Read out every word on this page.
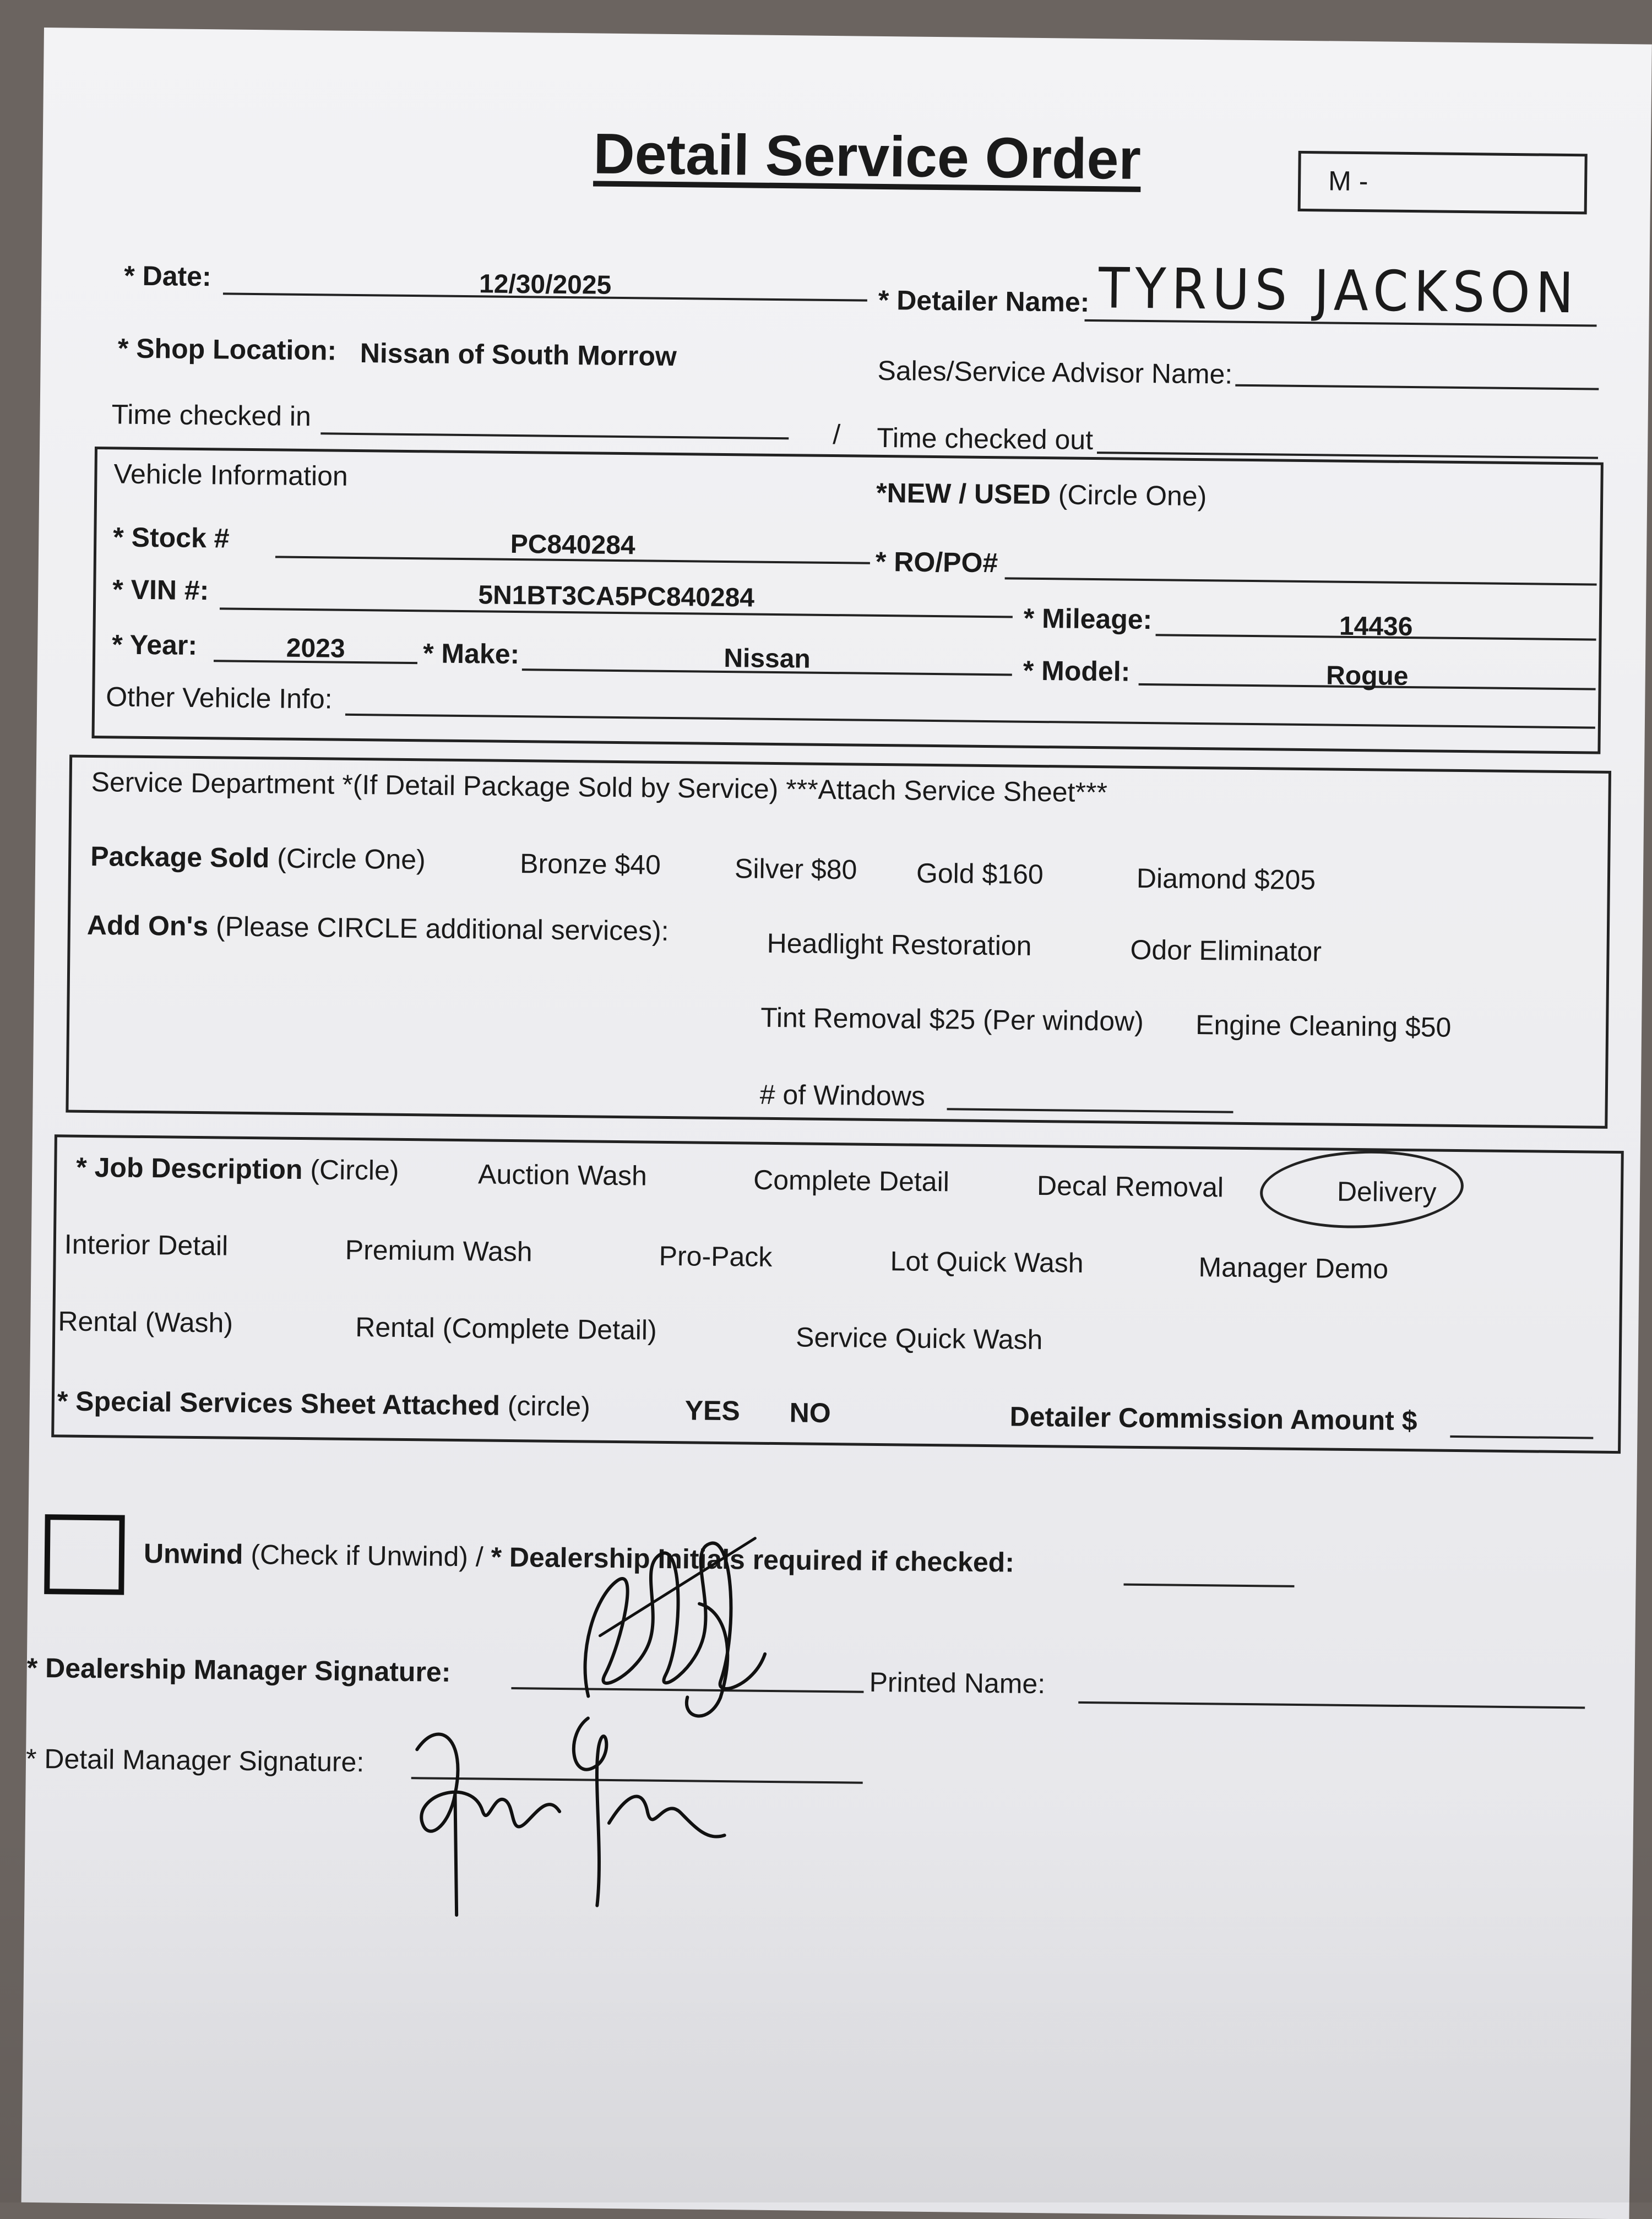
Detail Service Order	M -
* Date:	12/30/2025	* Detailer Name: TYRUS JACKSON
* Shop Location: Nissan of South Morrow
Sales/Service Advisor Name:
Time checked in
/ Time checked out
Vehicle Information
*NEW / USED (Circle One)
* Stock #	PC840284
* RO/PO#
* VIN #:	5N1BT3CA5PC840284
* Mileage:	14436
* Year:	2023	* Make:	Nissan	* Model:	Rogue
Other Vehicle Info:
Service Department *(If Detail Package Sold by Service) ***Attach Service Sheet***
Package Sold (Circle One)	Bronze $40	Silver $80 Gold $160	Diamond $205
Add On's (Please CIRCLE additional services):	Headlight Restoration	Odor Eliminator
Tint Removal $25 (Per window) Engine Cleaning $50
# of Windows
* Job Description (Circle)	Auction Wash	Complete Detail	Decal Removal	Delivery
Interior Detail	Premium Wash	Pro-Pack	Lot Quick Wash	Manager Demo
Rental (Wash)	Rental (Complete Detail)	Service Quick Wash
* Special Services Sheet Attached (circle)	YES NO	Detailer Commission Amount $
Unwind (Check if Unwind) / * Dealership Initials required if checked:
* Dealership Manager Signature:	Printed Name:
* Detail Manager Signature:
